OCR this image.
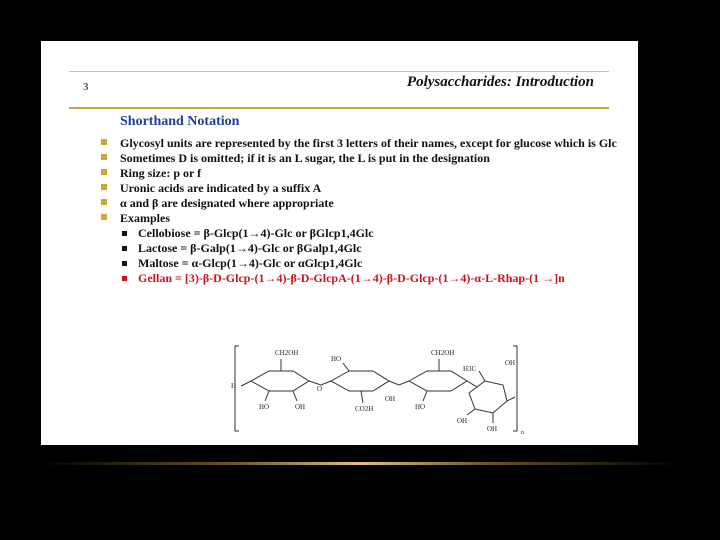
3	Polysaccharides: Introduction
Shorthand Notation
Glycosyl units are represented by the first 3 letters of their names, except for glucose which is Glc
Sometimes D is omitted; if it is an L sugar, the L is put in the designation
Ring size: p or f
Uronic acids are indicated by a suffix A
α and β are designated where appropriate
Examples
Cellobiose = β-Glcp(1→4)-Glc or βGlcp1,4Glc
Lactose = β-Galp(1→4)-Glc or βGalp1,4Glc
Maltose = α-Glcp(1→4)-Glc or αGlcp1,4Glc
Gellan = [3)-β-D-Glcp-(1→4)-β-D-GlcpA-(1→4)-β-D-Glcp-(1→4)-α-L-Rhap-(1 →]n
CH2OH	CH2OH
H
HO	OH
HO
CO2H
O
HO
OH
H3C
OH
OH
OH
n
